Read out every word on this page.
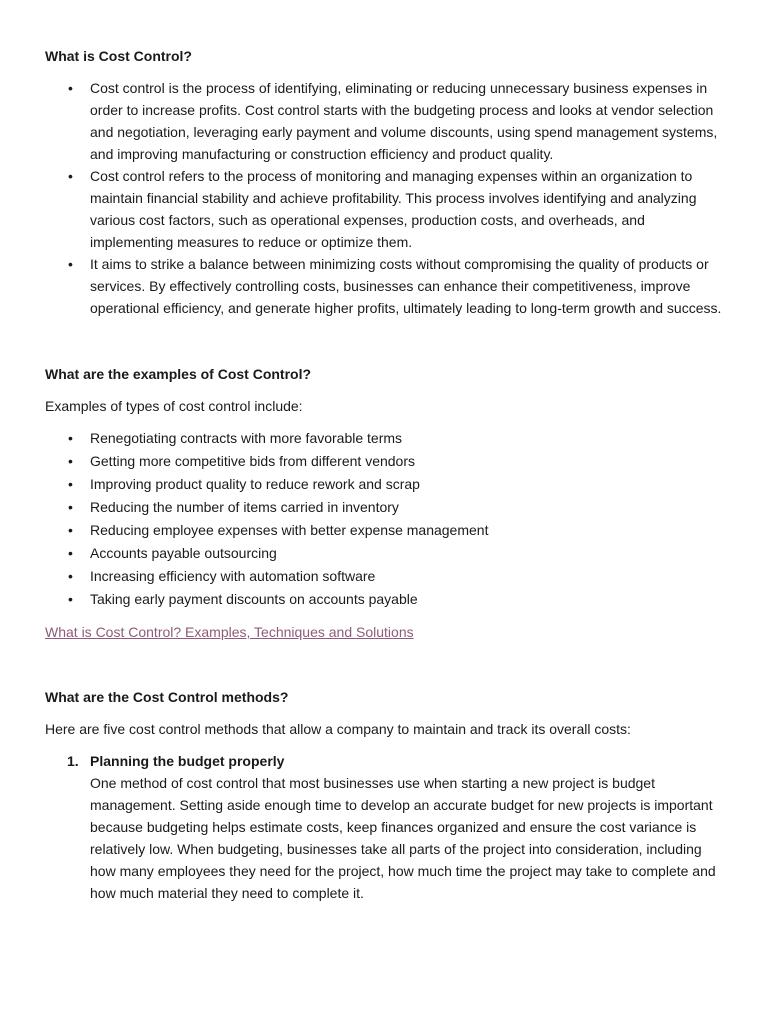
What is Cost Control?
• Cost control is the process of identifying, eliminating or reducing unnecessary business expenses in order to increase profits. Cost control starts with the budgeting process and looks at vendor selection and negotiation, leveraging early payment and volume discounts, using spend management systems, and improving manufacturing or construction efficiency and product quality.
• Cost control refers to the process of monitoring and managing expenses within an organization to maintain financial stability and achieve profitability. This process involves identifying and analyzing various cost factors, such as operational expenses, production costs, and overheads, and implementing measures to reduce or optimize them.
• It aims to strike a balance between minimizing costs without compromising the quality of products or services. By effectively controlling costs, businesses can enhance their competitiveness, improve operational efficiency, and generate higher profits, ultimately leading to long-term growth and success.
What are the examples of Cost Control?

Examples of types of cost control include:

• Renegotiating contracts with more favorable terms
• Getting more competitive bids from different vendors
• Improving product quality to reduce rework and scrap
• Reducing the number of items carried in inventory
• Reducing employee expenses with better expense management
• Accounts payable outsourcing
• Increasing efficiency with automation software
• Taking early payment discounts on accounts payable
What is Cost Control? Examples, Techniques and Solutions
What are the Cost Control methods?

Here are five cost control methods that allow a company to maintain and track its overall costs:

1. Planning the budget properly
One method of cost control that most businesses use when starting a new project is budget management. Setting aside enough time to develop an accurate budget for new projects is important because budgeting helps estimate costs, keep finances organized and ensure the cost variance is relatively low. When budgeting, businesses take all parts of the project into consideration, including how many employees they need for the project, how much time the project may take to complete and how much material they need to complete it.
